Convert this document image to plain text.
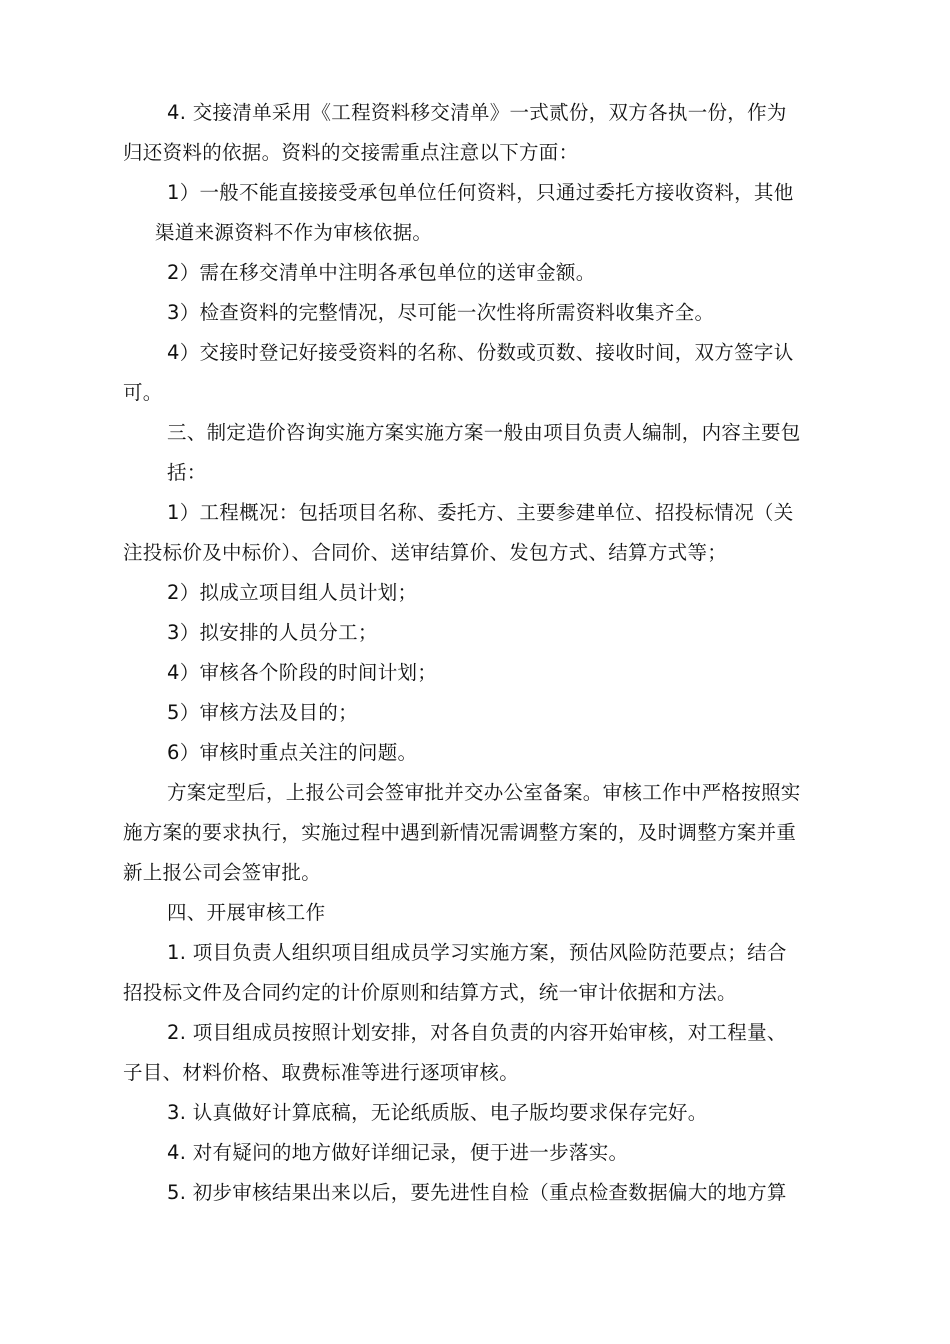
4. 交接清单采用《工程资料移交清单》一式贰份，双方各执一份，作为
归还资料的依据。资料的交接需重点注意以下方面：
1）一般不能直接接受承包单位任何资料，只通过委托方接收资料，其他
渠道来源资料不作为审核依据。
2）需在移交清单中注明各承包单位的送审金额。
3）检查资料的完整情况，尽可能一次性将所需资料收集齐全。
4）交接时登记好接受资料的名称、份数或页数、接收时间，双方签字认
可。
三、制定造价咨询实施方案实施方案一般由项目负责人编制，内容主要包
括：
1）工程概况：包括项目名称、委托方、主要参建单位、招投标情况（关
注投标价及中标价）、合同价、送审结算价、发包方式、结算方式等；
2）拟成立项目组人员计划；
3）拟安排的人员分工；
4）审核各个阶段的时间计划；
5）审核方法及目的；
6）审核时重点关注的问题。
方案定型后，上报公司会签审批并交办公室备案。审核工作中严格按照实
施方案的要求执行，实施过程中遇到新情况需调整方案的，及时调整方案并重
新上报公司会签审批。
四、开展审核工作
1. 项目负责人组织项目组成员学习实施方案，预估风险防范要点；结合
招投标文件及合同约定的计价原则和结算方式，统一审计依据和方法。
2. 项目组成员按照计划安排，对各自负责的内容开始审核，对工程量、
子目、材料价格、取费标准等进行逐项审核。
3. 认真做好计算底稿，无论纸质版、电子版均要求保存完好。
4. 对有疑问的地方做好详细记录，便于进一步落实。
5. 初步审核结果出来以后，要先进性自检（重点检查数据偏大的地方算
